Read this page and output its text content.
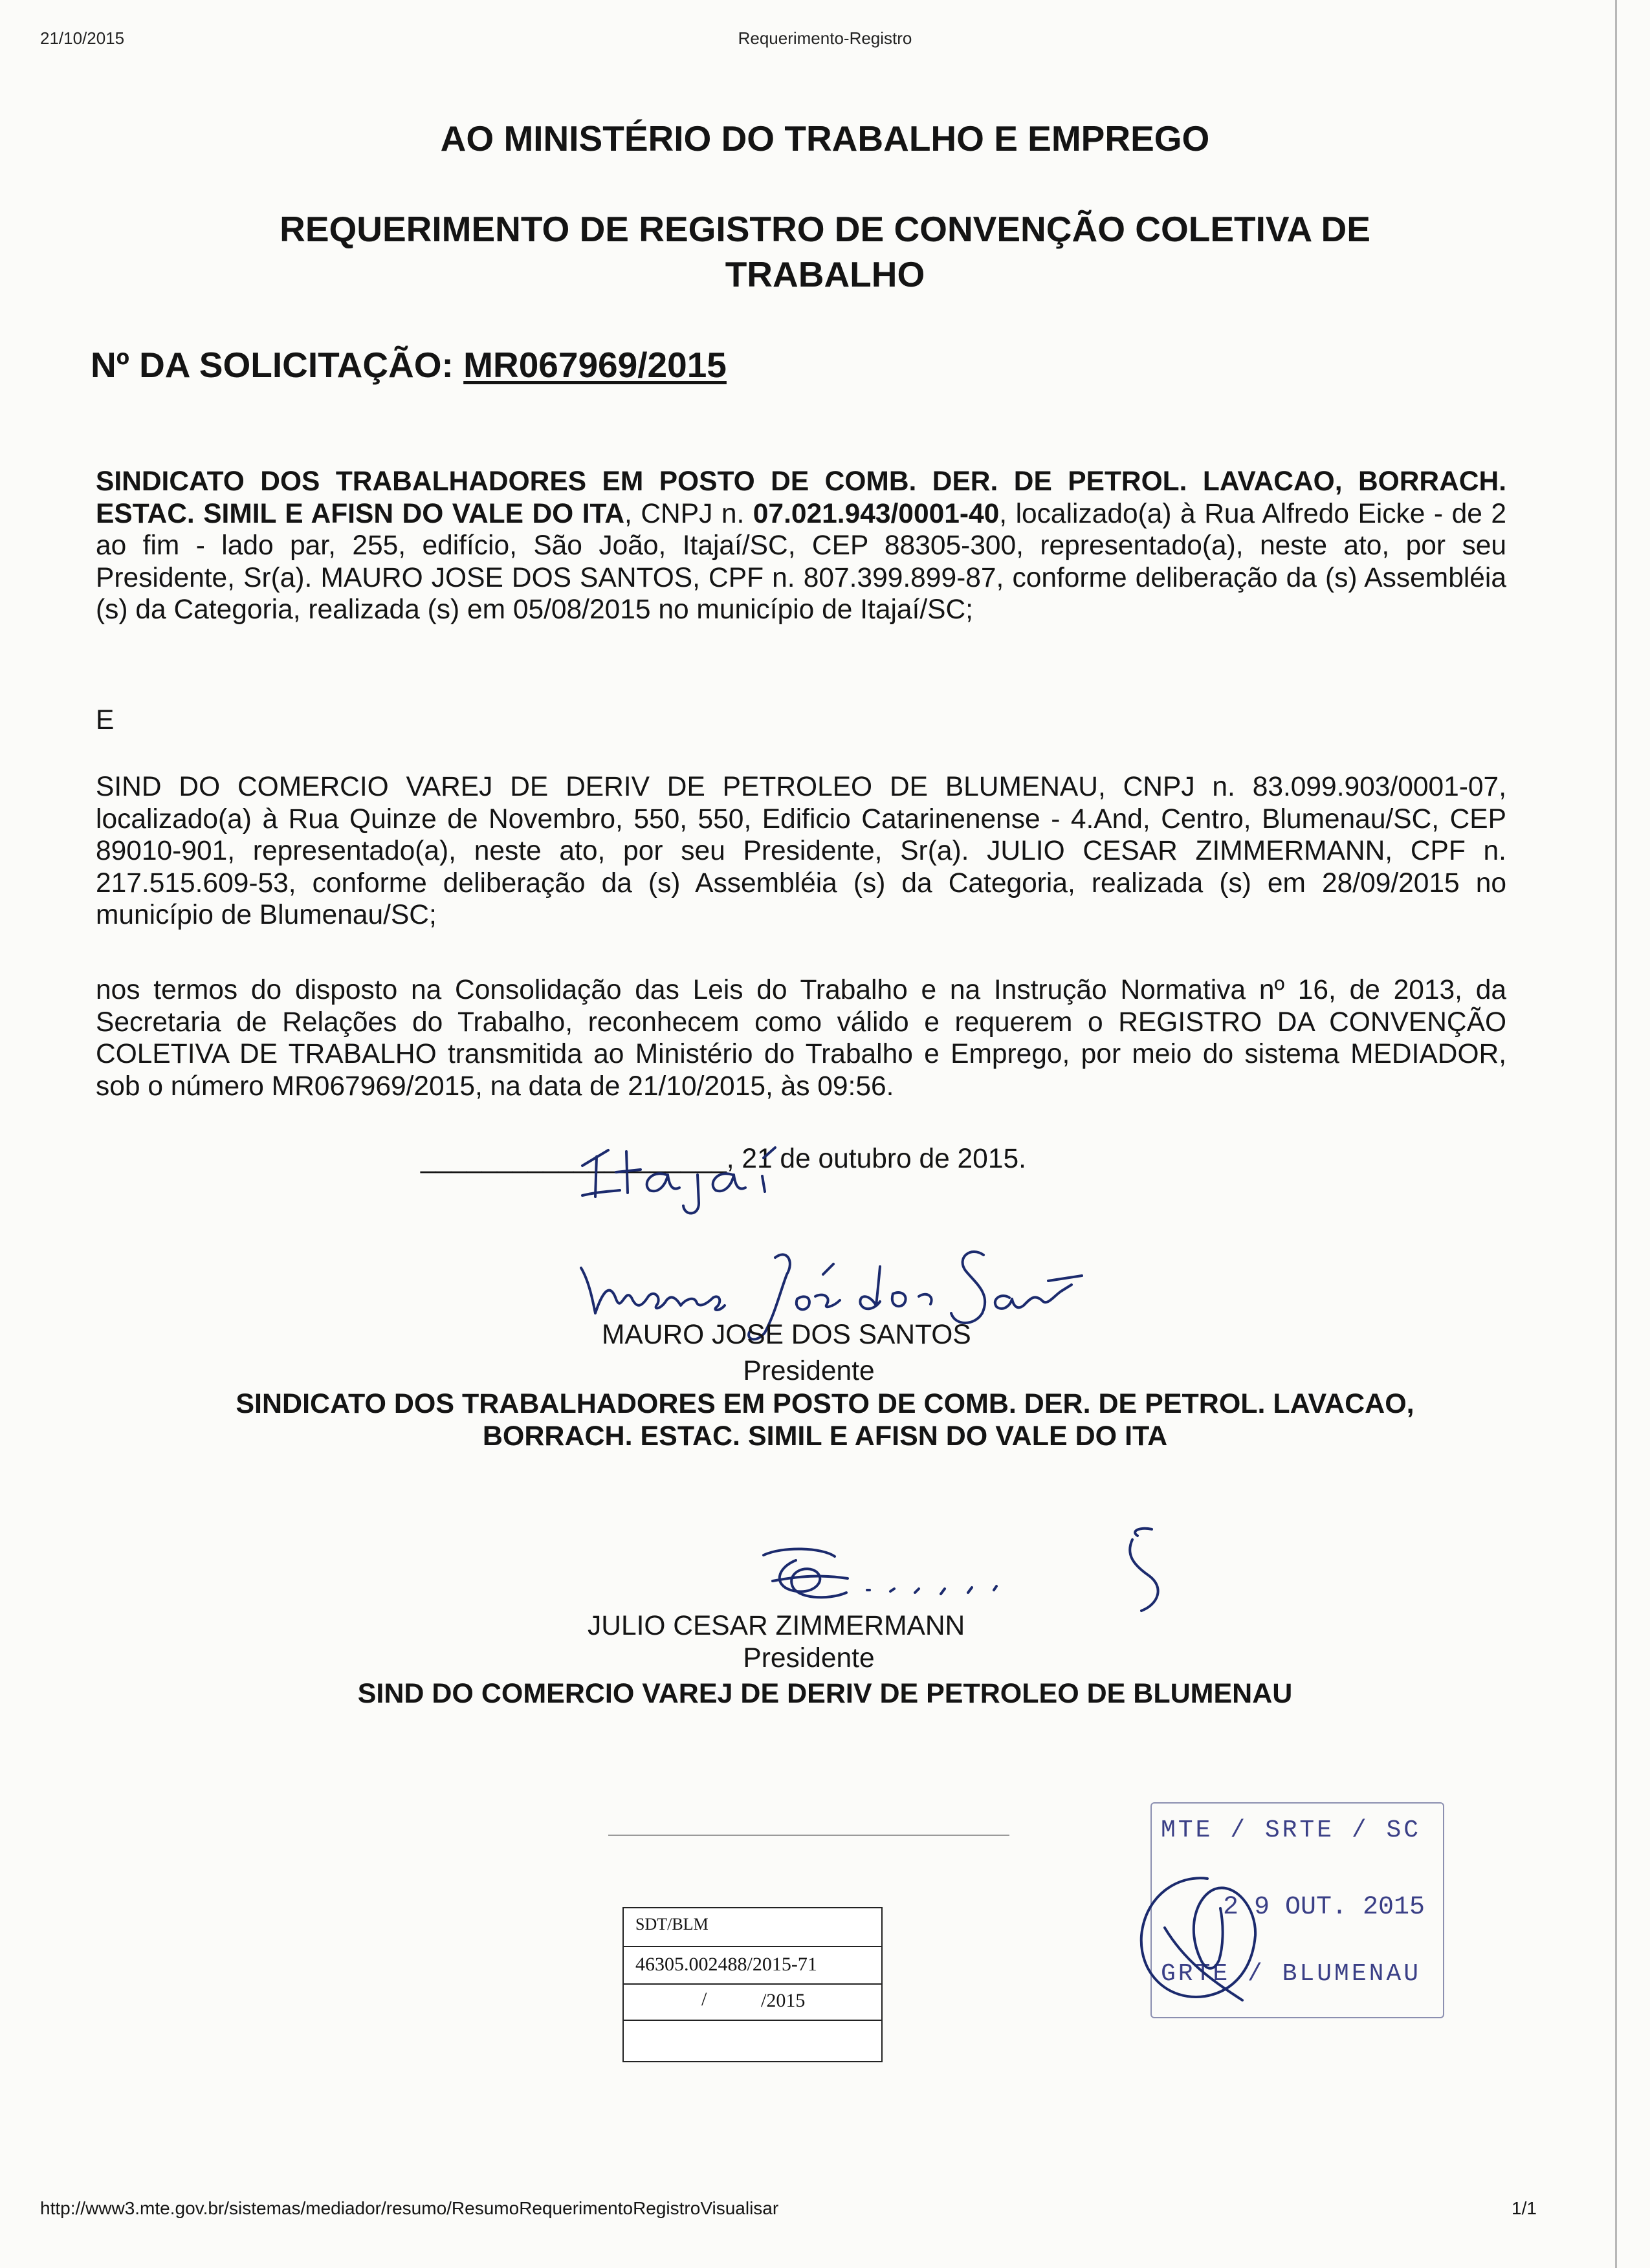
21/10/2015	Requerimento-Registro
AO MINISTÉRIO DO TRABALHO E EMPREGO
REQUERIMENTO DE REGISTRO DE CONVENÇÃO COLETIVA DE
TRABALHO
Nº DA SOLICITAÇÃO: MR067969/2015
SINDICATO DOS TRABALHADORES EM POSTO DE COMB. DER. DE PETROL. LAVACAO, BORRACH. ESTAC. SIMIL E AFISN DO VALE DO ITA, CNPJ n. 07.021.943/0001-40, localizado(a) à Rua Alfredo Eicke - de 2 ao fim - lado par, 255, edifício, São João, Itajaí/SC, CEP 88305-300, representado(a), neste ato, por seu Presidente, Sr(a). MAURO JOSE DOS SANTOS, CPF n. 807.399.899-87, conforme deliberação da (s) Assembléia (s) da Categoria, realizada (s) em 05/08/2015 no município de Itajaí/SC;
E
SIND DO COMERCIO VAREJ DE DERIV DE PETROLEO DE BLUMENAU, CNPJ n. 83.099.903/0001-07, localizado(a) à Rua Quinze de Novembro, 550, 550, Edificio Catarinenense - 4.And, Centro, Blumenau/SC, CEP 89010-901, representado(a), neste ato, por seu Presidente, Sr(a). JULIO CESAR ZIMMERMANN, CPF n. 217.515.609-53, conforme deliberação da (s) Assembléia (s) da Categoria, realizada (s) em 28/09/2015 no município de Blumenau/SC;
nos termos do disposto na Consolidação das Leis do Trabalho e na Instrução Normativa nº 16, de 2013, da Secretaria de Relações do Trabalho, reconhecem como válido e requerem o REGISTRO DA CONVENÇÃO COLETIVA DE TRABALHO transmitida ao Ministério do Trabalho e Emprego, por meio do sistema MEDIADOR, sob o número MR067969/2015, na data de 21/10/2015, às 09:56.
____________________, 21 de outubro de 2015.
MAURO JOSE DOS SANTOS
Presidente
SINDICATO DOS TRABALHADORES EM POSTO DE COMB. DER. DE PETROL. LAVACAO,
BORRACH. ESTAC. SIMIL E AFISN DO VALE DO ITA
JULIO CESAR ZIMMERMANN
Presidente
SIND DO COMERCIO VAREJ DE DERIV DE PETROLEO DE BLUMENAU
SDT/BLM
46305.002488/2015-71
/	/2015
MTE / SRTE / SC
2 9 OUT. 2015
GRTE / BLUMENAU
http://www3.mte.gov.br/sistemas/mediador/resumo/ResumoRequerimentoRegistroVisualisar	1/1
